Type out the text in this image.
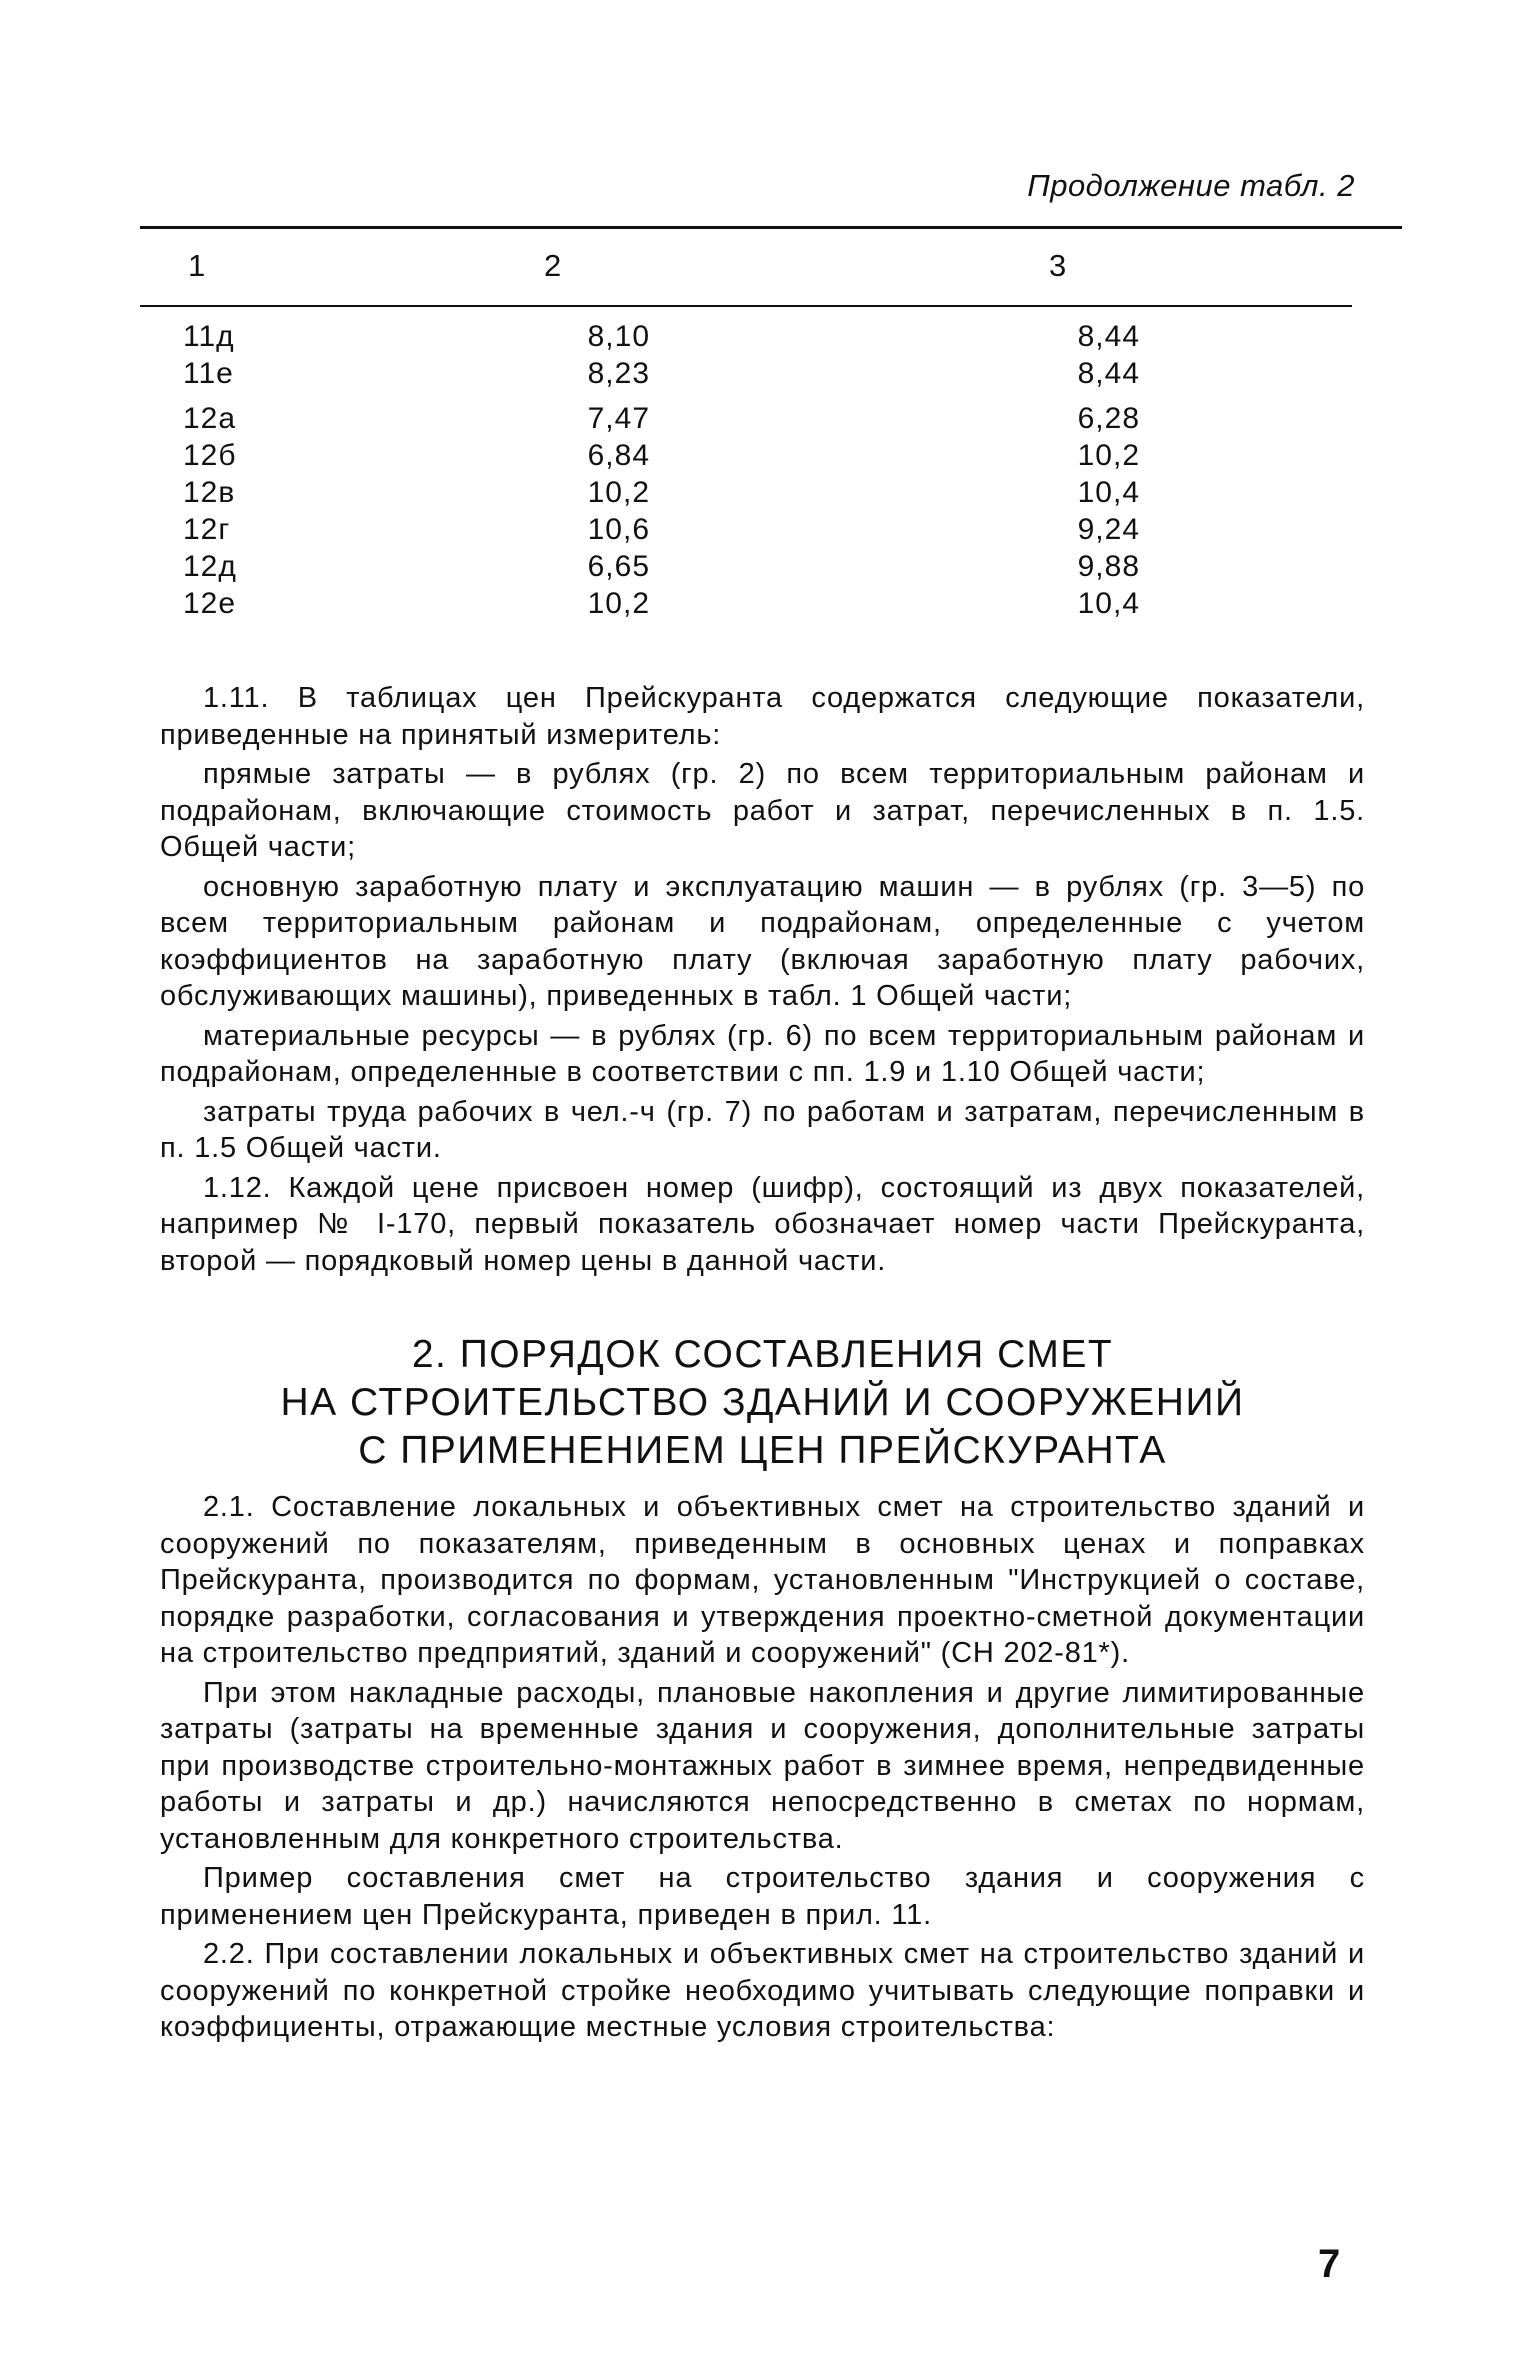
Продолжение табл. 2
1	2	3
11д	8,10	8,44
11е	8,23	8,44
12а	7,47	6,28
12б	6,84	10,2
12в	10,2	10,4
12г	10,6	9,24
12д	6,65	9,88
12е	10,2	10,4

1.11. В таблицах цен Прейскуранта содержатся следующие показатели, приведенные на принятый измеритель:

прямые затраты — в рублях (гр. 2) по всем территориальным районам и подрайонам, включающие стоимость работ и затрат, перечисленных в п. 1.5. Общей части;

основную заработную плату и эксплуатацию машин — в рублях (гр. 3—5) по всем территориальным районам и подрайонам, определенные с учетом коэффициентов на заработную плату (включая заработную плату рабочих, обслуживающих машины), приведенных в табл. 1 Общей части;

материальные ресурсы — в рублях (гр. 6) по всем территориальным районам и подрайонам, определенные в соответствии с пп. 1.9 и 1.10 Общей части;

затраты труда рабочих в чел.-ч (гр. 7) по работам и затратам, перечисленным в п. 1.5 Общей части.

1.12. Каждой цене присвоен номер (шифр), состоящий из двух показателей, например № I-170, первый показатель обозначает номер части Прейскуранта, второй — порядковый номер цены в данной части.

2. ПОРЯДОК СОСТАВЛЕНИЯ СМЕТ
НА СТРОИТЕЛЬСТВО ЗДАНИЙ И СООРУЖЕНИЙ
С ПРИМЕНЕНИЕМ ЦЕН ПРЕЙСКУРАНТА

2.1. Составление локальных и объективных смет на строительство зданий и сооружений по показателям, приведенным в основных ценах и поправках Прейскуранта, производится по формам, установленным "Инструкцией о составе, порядке разработки, согласования и утверждения проектно-сметной документации на строительство предприятий, зданий и сооружений" (СН 202-81*).

При этом накладные расходы, плановые накопления и другие лимитированные затраты (затраты на временные здания и сооружения, дополнительные затраты при производстве строительно-монтажных работ в зимнее время, непредвиденные работы и затраты и др.) начисляются непосредственно в сметах по нормам, установленным для конкретного строительства.

Пример составления смет на строительство здания и сооружения с применением цен Прейскуранта, приведен в прил. 11.

2.2. При составлении локальных и объективных смет на строительство зданий и сооружений по конкретной стройке необходимо учитывать следующие поправки и коэффициенты, отражающие местные условия строительства:

7
